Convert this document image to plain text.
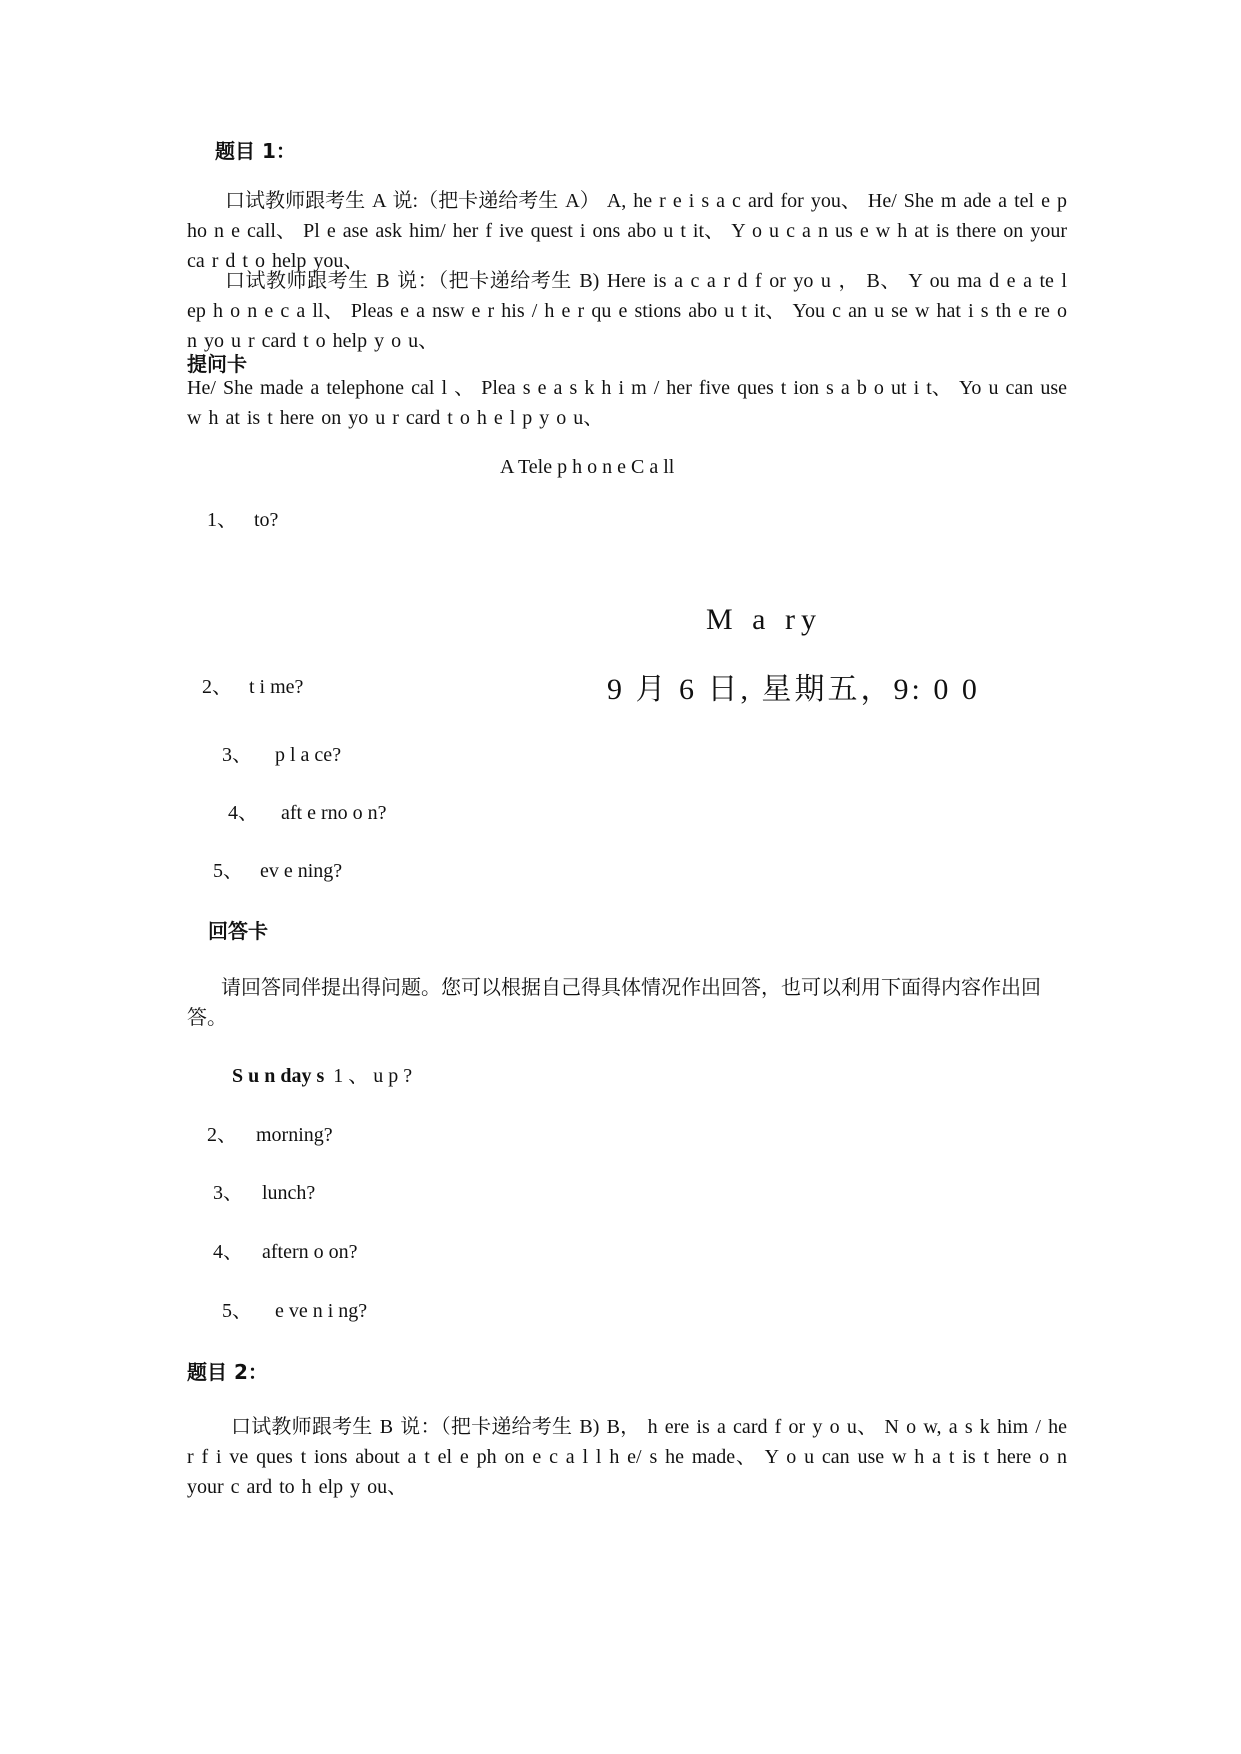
题目 1：
口试教师跟考生 A 说:（把卡递给考生 A） A, he r e i s a c ard for you、 He/ She m ade a tel e p ho n e call、 Pl e ase ask him/ her f ive quest i ons abo u t it、 Y o u c a n us e w h at is there on your ca r d t o help you、
口试教师跟考生 B 说：（把卡递给考生 B) Here is a c a r d f or yo u ， B、 Y ou ma d e a te l ep h o n e c a ll、 Pleas e a nsw e r his / h e r qu e stions abo u t it、 You c an u se w hat i s th e re o n yo u r card t o help y o u、
提问卡
He/ She made a telephone cal l 、 Plea s e a s k h i m / her five ques t ion s a b o ut i t、 Yo u can use w h at is t here on yo u r card t o h e l p y o u、
A Tele p h o n e C a ll
1、 to?
M a ry
2、 t i me?	9 月 6 日, 星期五，9: 0 0
3、 p l a ce?
4、 aft e rno o n?
5、 ev e ning?
回答卡
请回答同伴提出得问题。您可以根据自己得具体情况作出回答，也可以利用下面得内容作出回答。
S u n day s 1 、 u p ?
2、 morning?
3、 lunch?
4、 aftern o on?
5、 e ve n i ng?
题目 2：
口试教师跟考生 B 说：（把卡递给考生 B) B， h ere is a card f or y o u、 N o w, a s k him / he r f i ve ques t ions about a t el e ph on e c a l l h e/ s he made、 Y o u can use w h a t is t here o n your c ard to h elp y ou、
